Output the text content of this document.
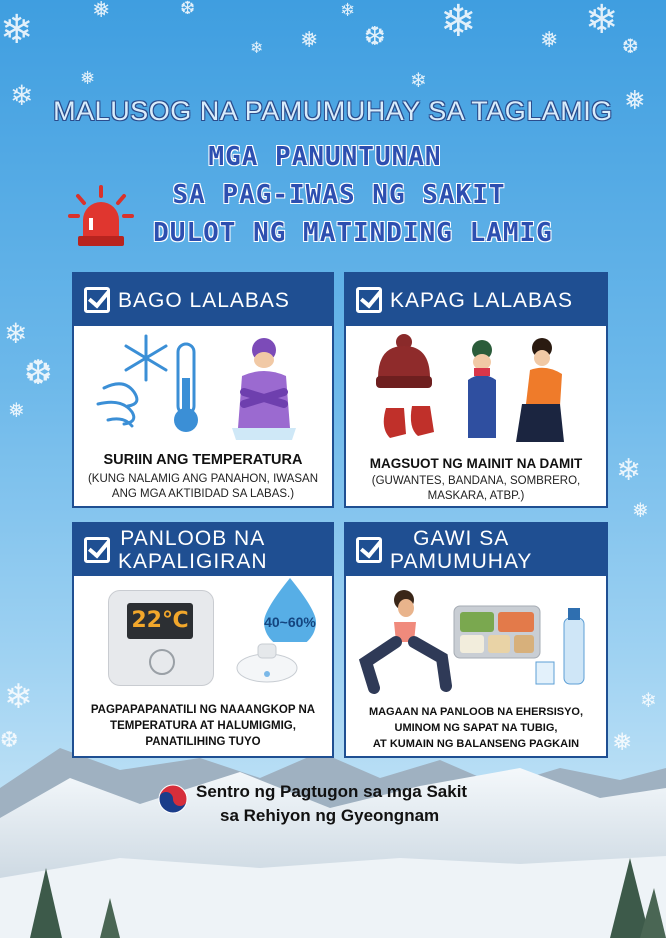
❄	❅	❆
❄ ❅
❄
❆ ❄	❅ ❄
❆
❅
❄	❄
❅
❄
❆
❅
❄
❅
❄
❆	❅
❄
MALUSOG NA PAMUMUHAY SA TAGLAMIG
MGA PANUNTUNAN
SA PAG-IWAS NG SAKIT
DULOT NG MATINDING LAMIG
BAGO LALABAS
SURIIN ANG TEMPERATURA
(KUNG NALAMIG ANG PANAHON, IWASAN
ANG MGA AKTIBIDAD SA LABAS.)
KAPAG LALABAS
MAGSUOT NG MAINIT NA DAMIT
(GUWANTES, BANDANA, SOMBRERO,
MASKARA, ATBP.)
PANLOOB NA
KAPALIGIRAN
22℃	40~60%
PAGPAPAPANATILI NG NAAANGKOP NA
TEMPERATURA AT HALUMIGMIG,
PANATILIHING TUYO
GAWI SA
PAMUMUHAY
MAGAAN NA PANLOOB NA EHERSISYO,
UMINOM NG SAPAT NA TUBIG,
AT KUMAIN NG BALANSENG PAGKAIN
Sentro ng Pagtugon sa mga Sakit
sa Rehiyon ng Gyeongnam
